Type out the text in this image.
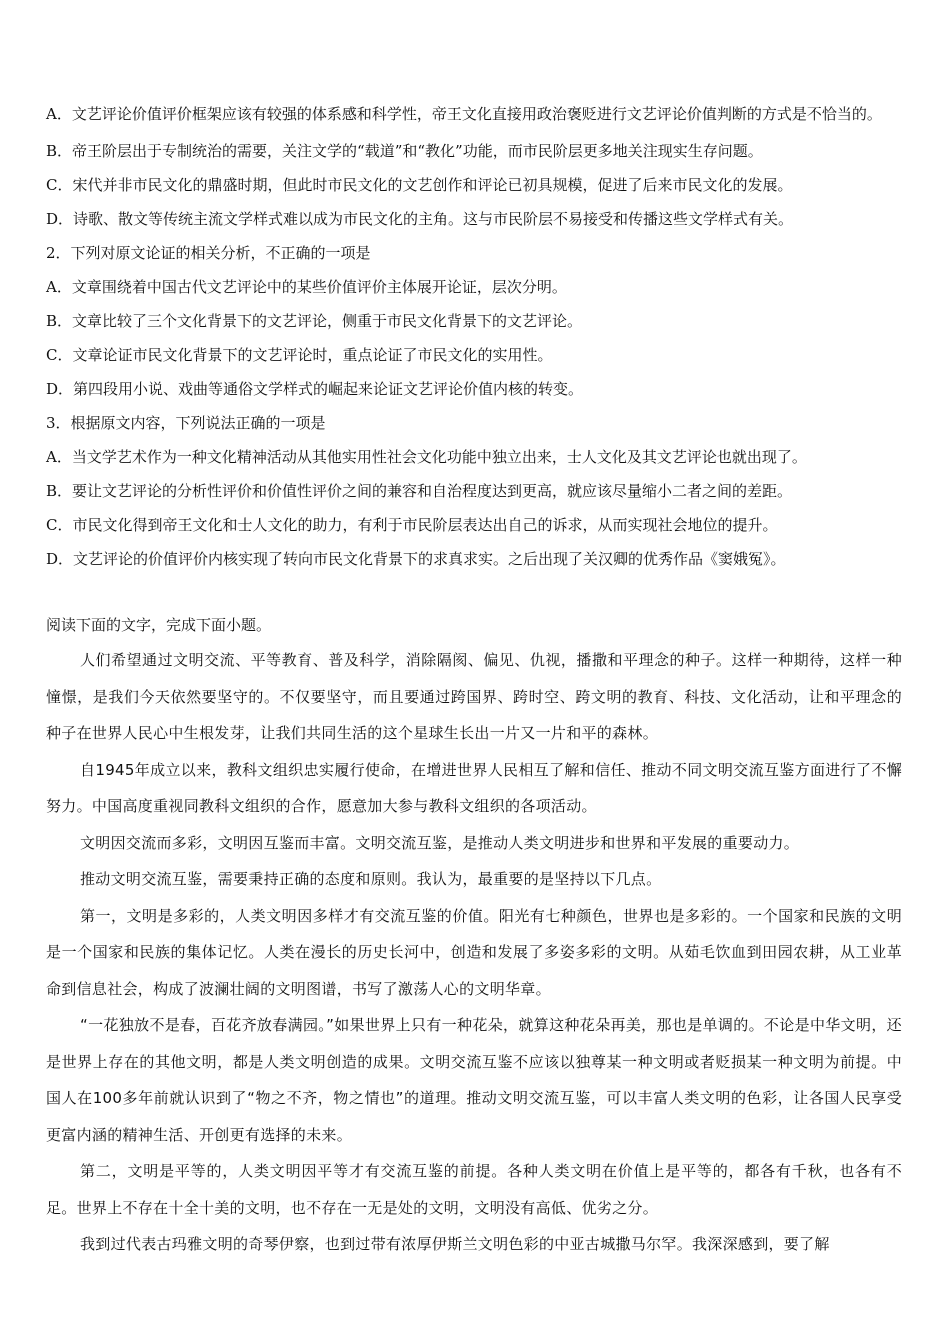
A．文艺评论价值评价框架应该有较强的体系感和科学性，帝王文化直接用政治褒贬进行文艺评论价值判断的方式是不恰当的。

B．帝王阶层出于专制统治的需要，关注文学的“载道”和“教化”功能，而市民阶层更多地关注现实生存问题。

C．宋代并非市民文化的鼎盛时期，但此时市民文化的文艺创作和评论已初具规模，促进了后来市民文化的发展。

D．诗歌、散文等传统主流文学样式难以成为市民文化的主角。这与市民阶层不易接受和传播这些文学样式有关。

2．下列对原文论证的相关分析，不正确的一项是

A．文章围绕着中国古代文艺评论中的某些价值评价主体展开论证，层次分明。

B．文章比较了三个文化背景下的文艺评论，侧重于市民文化背景下的文艺评论。

C．文章论证市民文化背景下的文艺评论时，重点论证了市民文化的实用性。

D．第四段用小说、戏曲等通俗文学样式的崛起来论证文艺评论价值内核的转变。

3．根据原文内容，下列说法正确的一项是

A．当文学艺术作为一种文化精神活动从其他实用性社会文化功能中独立出来，士人文化及其文艺评论也就出现了。

B．要让文艺评论的分析性评价和价值性评价之间的兼容和自治程度达到更高，就应该尽量缩小二者之间的差距。

C．市民文化得到帝王文化和士人文化的助力，有利于市民阶层表达出自己的诉求，从而实现社会地位的提升。

D．文艺评论的价值评价内核实现了转向市民文化背景下的求真求实。之后出现了关汉卿的优秀作品《窦娥冤》。

阅读下面的文字，完成下面小题。

人们希望通过文明交流、平等教育、普及科学，消除隔阂、偏见、仇视，播撒和平理念的种子。这样一种期待，这样一种憧憬，是我们今天依然要坚守的。不仅要坚守，而且要通过跨国界、跨时空、跨文明的教育、科技、文化活动，让和平理念的种子在世界人民心中生根发芽，让我们共同生活的这个星球生长出一片又一片和平的森林。

自1945年成立以来，教科文组织忠实履行使命，在增进世界人民相互了解和信任、推动不同文明交流互鉴方面进行了不懈努力。中国高度重视同教科文组织的合作，愿意加大参与教科文组织的各项活动。

文明因交流而多彩，文明因互鉴而丰富。文明交流互鉴，是推动人类文明进步和世界和平发展的重要动力。

推动文明交流互鉴，需要秉持正确的态度和原则。我认为，最重要的是坚持以下几点。

第一，文明是多彩的，人类文明因多样才有交流互鉴的价值。阳光有七种颜色，世界也是多彩的。一个国家和民族的文明是一个国家和民族的集体记忆。人类在漫长的历史长河中，创造和发展了多姿多彩的文明。从茹毛饮血到田园农耕，从工业革命到信息社会，构成了波澜壮阔的文明图谱，书写了激荡人心的文明华章。

“一花独放不是春，百花齐放春满园。”如果世界上只有一种花朵，就算这种花朵再美，那也是单调的。不论是中华文明，还是世界上存在的其他文明，都是人类文明创造的成果。文明交流互鉴不应该以独尊某一种文明或者贬损某一种文明为前提。中国人在100多年前就认识到了“物之不齐，物之情也”的道理。推动文明交流互鉴，可以丰富人类文明的色彩，让各国人民享受更富内涵的精神生活、开创更有选择的未来。

第二，文明是平等的，人类文明因平等才有交流互鉴的前提。各种人类文明在价值上是平等的，都各有千秋，也各有不足。世界上不存在十全十美的文明，也不存在一无是处的文明，文明没有高低、优劣之分。

我到过代表古玛雅文明的奇琴伊察，也到过带有浓厚伊斯兰文明色彩的中亚古城撒马尔罕。我深深感到，要了解
